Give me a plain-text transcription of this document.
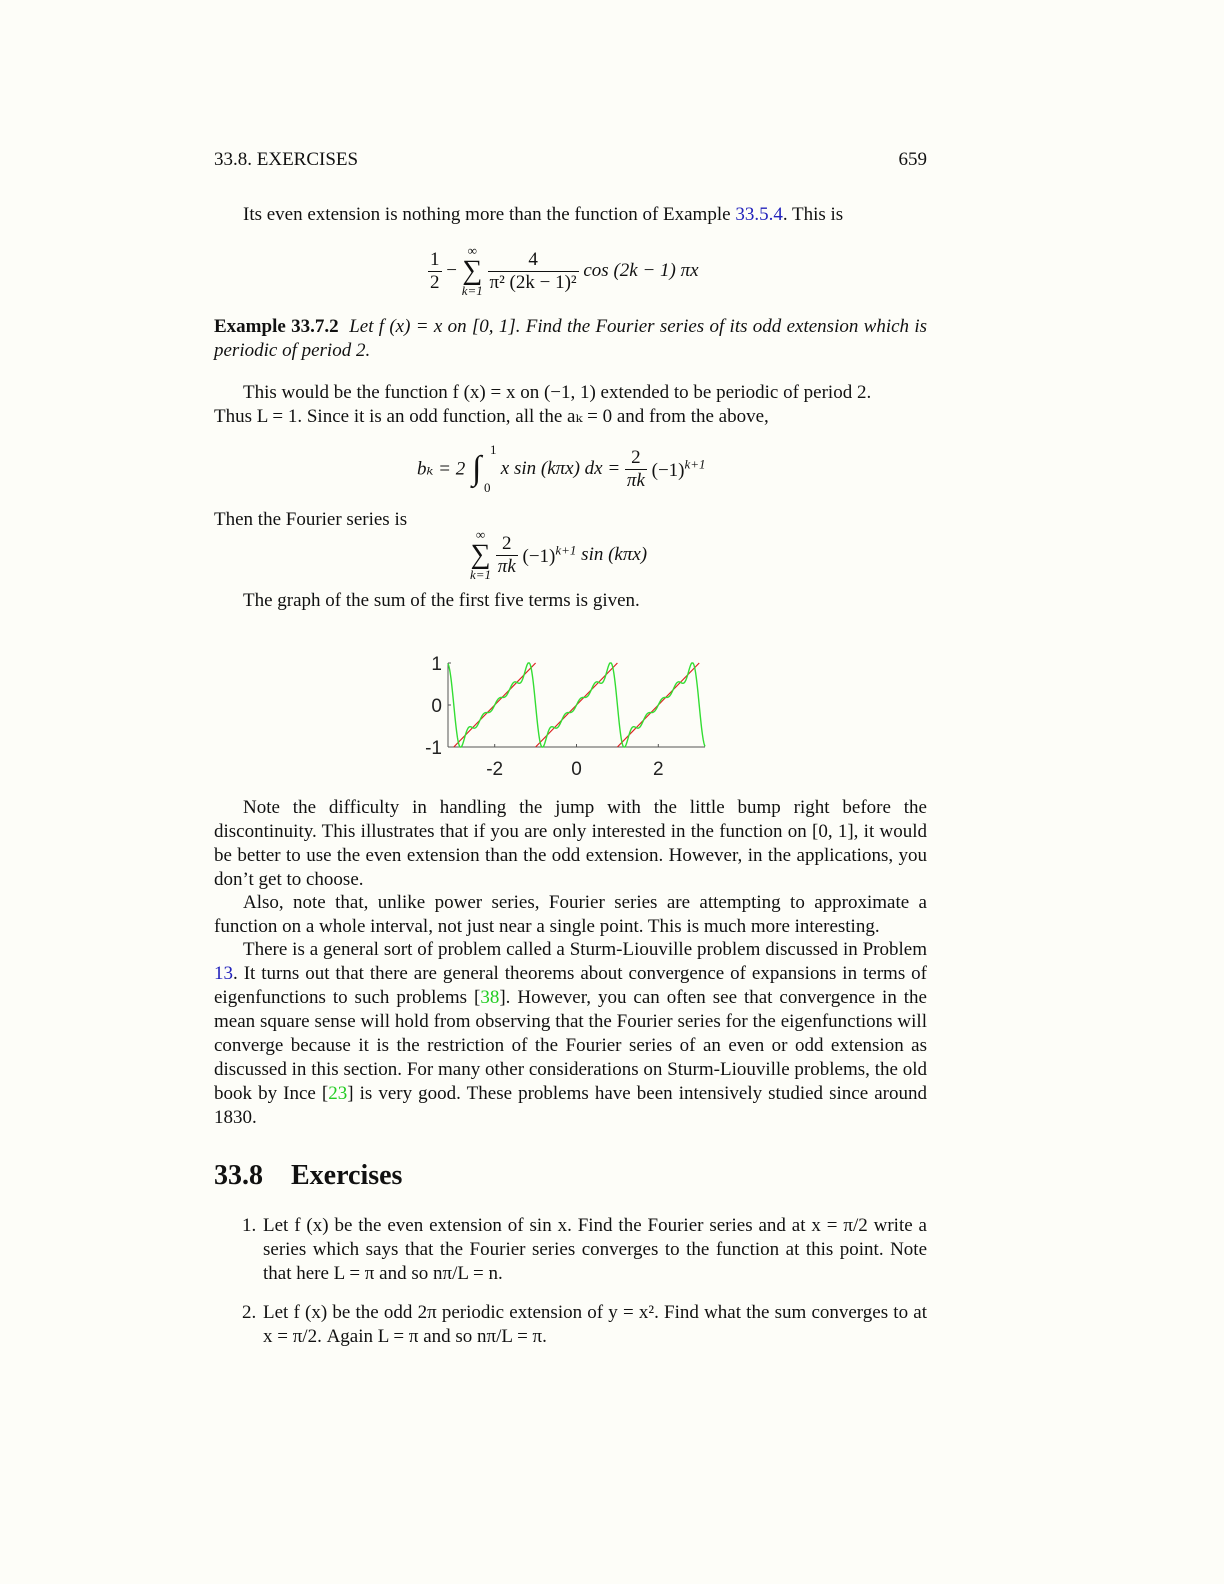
33.8. EXERCISES	659
Its even extension is nothing more than the function of Example 33.5.4. This is
$\frac{1}{2}$ −
∞
∑
k=1
$\frac{4}{\text{π² (2k − 1)²}}$ cos (2k − 1) πx
Example 33.7.2 Let f (x) = x on [0, 1]. Find the Fourier series of its odd extension which is periodic of period 2.
This would be the function f (x) = x on (−1, 1) extended to be periodic of period 2.
Thus L = 1. Since it is an odd function, all the aₖ = 0 and from the above,
bₖ = 2 ∫
1
0
x sin (kπx) dx = $\frac{2}{\pi k} (-1)^{k+1}$
Then the Fourier series is
∞
∑
k=1
$\frac{2}{\pi k} (-1)^{k+1}$ sin (kπx)
The graph of the sum of the first five terms is given.
-1
0
1
-2	0	2
Note the difficulty in handling the jump with the little bump right before the discontinuity. This illustrates that if you are only interested in the function on [0, 1], it would be better to use the even extension than the odd extension. However, in the applications, you don’t get to choose.
Also, note that, unlike power series, Fourier series are attempting to approximate a function on a whole interval, not just near a single point. This is much more interesting.
There is a general sort of problem called a Sturm-Liouville problem discussed in Problem 13. It turns out that there are general theorems about convergence of expansions in terms of eigenfunctions to such problems [38]. However, you can often see that convergence in the mean square sense will hold from observing that the Fourier series for the eigenfunctions will converge because it is the restriction of the Fourier series of an even or odd extension as discussed in this section. For many other considerations on Sturm-Liouville problems, the old book by Ince [23] is very good. These problems have been intensively studied since around 1830.
33.8 Exercises
1. Let f (x) be the even extension of sin x. Find the Fourier series and at x = π/2 write a series which says that the Fourier series converges to the function at this point. Note that here L = π and so nπ/L = n.
2. Let f (x) be the odd 2π periodic extension of y = x². Find what the sum converges to at x = π/2. Again L = π and so nπ/L = π.
